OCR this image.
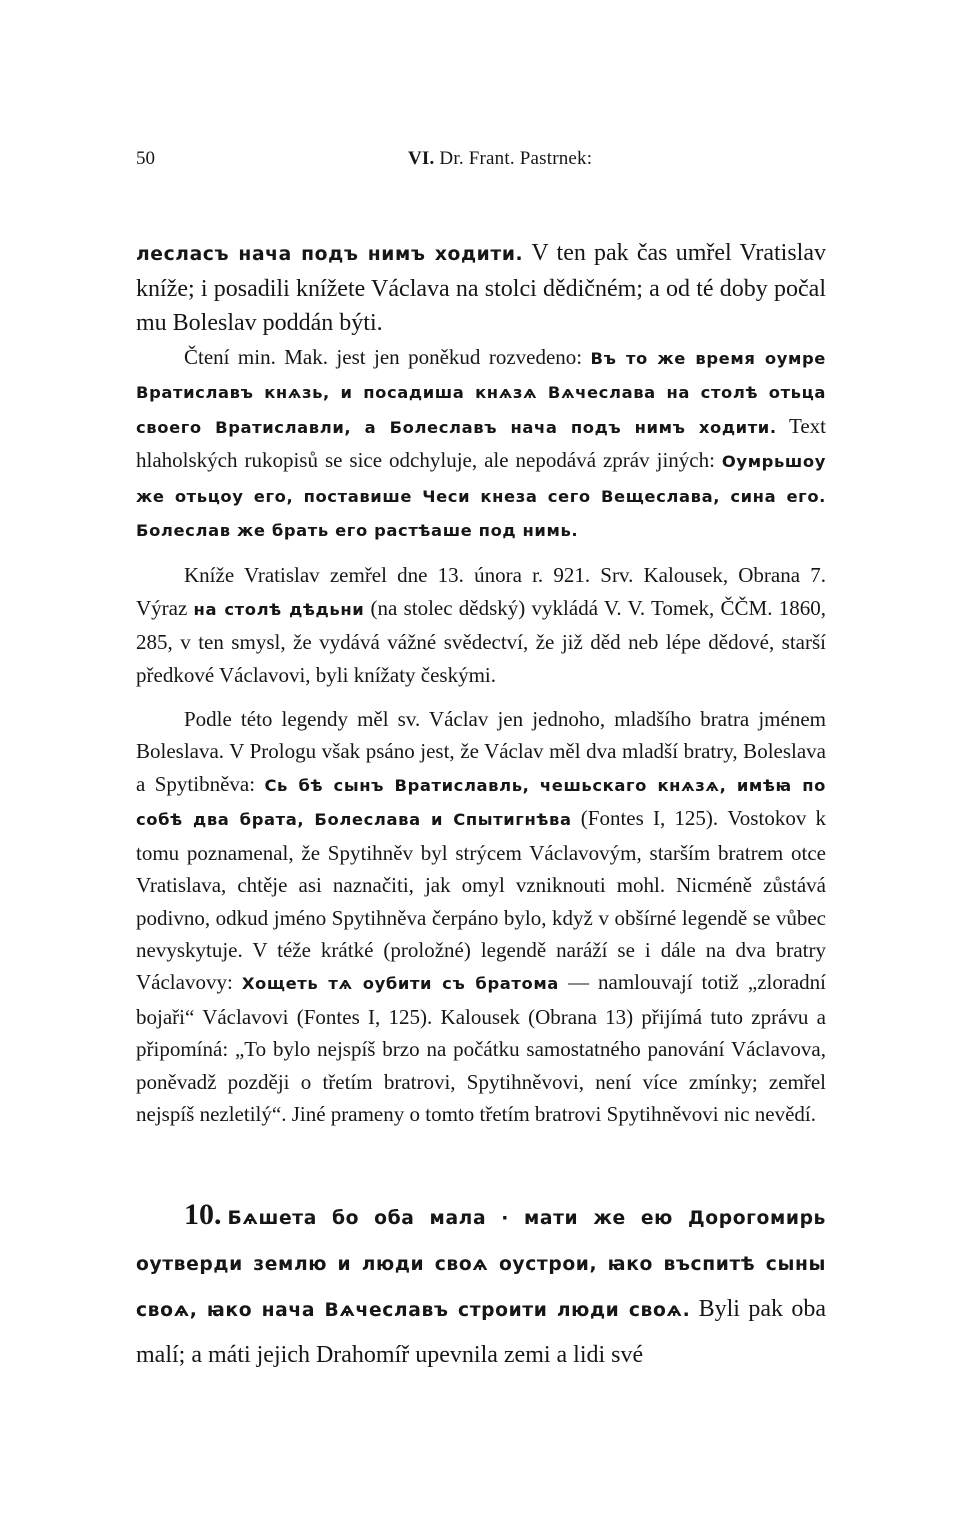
50	VI. Dr. Frant. Pastrnek:

лесласъ нача подъ нимъ ходити. V ten pak čas umřel Vratislav kníže; i posadili knížete Václava na stolci dědičném; a od té doby počal mu Boleslav poddán býti.

Čtení min. Mak. jest jen poněkud rozvedeno: Въ то же время оумре Вратиславъ кнѧзь, и посадиша кнѧзѧ Вѧчеслава на столѣ отьца своего Вратиславли, а Болеславъ нача подъ нимъ ходити. Text hlaholských rukopisů se sice odchyluje, ale nepodává zpráv jiných: Оумрьшоу же отьцоу его, поставише Чеси кнеза сего Вещеслава, сина его. Болеслав же брать его растѣаше под нимь.

Kníže Vratislav zemřel dne 13. února r. 921. Srv. Kalousek, Obrana 7. Výraz на столѣ дѣдьни (na stolec dědský) vykládá V. V. Tomek, ČČM. 1860, 285, v ten smysl, že vydává vážné svědectví, že již děd neb lépe dědové, starší předkové Václavovi, byli knížaty českými.

Podle této legendy měl sv. Václav jen jednoho, mladšího bratra jménem Boleslava. V Prologu však psáno jest, že Václav měl dva mladší bratry, Boleslava a Spytibněva: Сь бѣ сынъ Вратиславль, чешьскаго кнѧзѧ, имѣꙗ по собѣ два брата, Болеслава и Спытигнѣва (Fontes I, 125). Vostokov k tomu poznamenal, že Spytihněv byl strýcem Václavovým, starším bratrem otce Vratislava, chtěje asi naznačiti, jak omyl vzniknouti mohl. Nicméně zůstává podivno, odkud jméno Spytihněva čerpáno bylo, když v obšírné legendě se vůbec nevyskytuje. V téže krátké (proložné) legendě naráží se i dále na dva bratry Václavovy: Хощеть тѧ оубити съ братома — namlouvají totiž „zloradní bojaři“ Václavovi (Fontes I, 125). Kalousek (Obrana 13) přijímá tuto zprávu a připomíná: „To bylo nejspíš brzo na počátku samostatného panování Václavova, poněvadž později o třetím bratrovi, Spytihněvovi, není více zmínky; zemřel nejspíš nezletilý“. Jiné prameny o tomto třetím bratrovi Spytihněvovi nic nevědí.

10. Бѧшета бо оба мала · мати же ею Дорогомирь оутверди землю и люди своѧ оустрои, ꙗко въспитѣ сыны своѧ, ꙗко нача Вѧчеславъ строити люди своѧ. Byli pak oba malí; a máti jejich Drahomíř upevnila zemi a lidi své
